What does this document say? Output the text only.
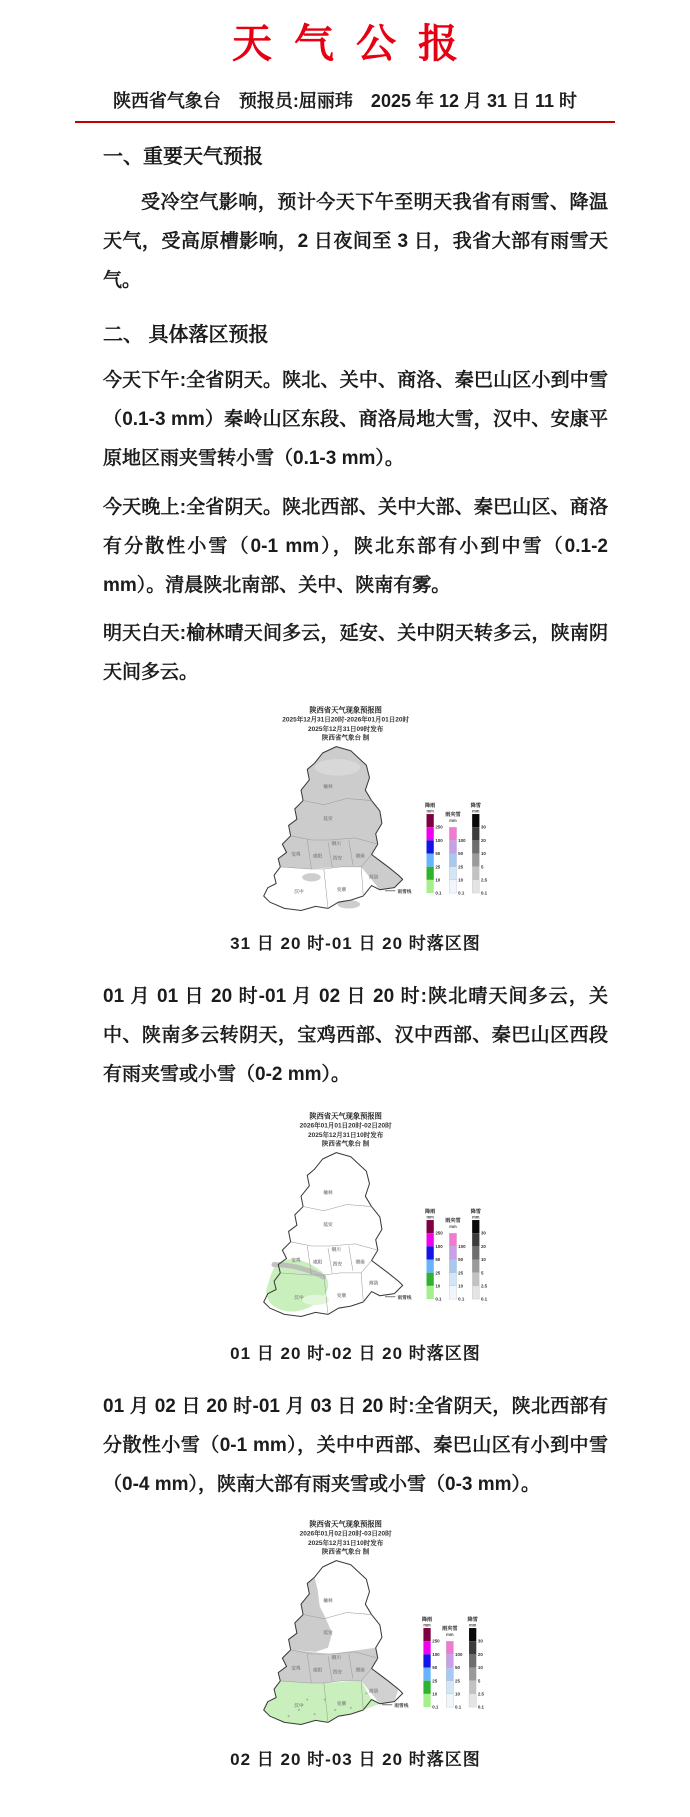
天气公报
陕西省气象台　预报员:屈丽玮　2025 年 12 月 31 日 11 时
一、重要天气预报
受冷空气影响，预计今天下午至明天我省有雨雪、降温天气，受高原槽影响，2 日夜间至 3 日，我省大部有雨雪天气。
二、 具体落区预报
今天下午:全省阴天。陕北、关中、商洛、秦巴山区小到中雪（0.1-3 mm）秦岭山区东段、商洛局地大雪，汉中、安康平原地区雨夹雪转小雪（0.1-3 mm）。
今天晚上:全省阴天。陕北西部、关中大部、秦巴山区、商洛有分散性小雪（0-1 mm），陕北东部有小到中雪（0.1-2 mm）。清晨陕北南部、关中、陕南有雾。
明天白天:榆林晴天间多云，延安、关中阴天转多云，陕南阴天间多云。
陕西省天气现象预报图
2025年12月31日20时-2026年01月01日20时
2025年12月31日09时发布
陕西省气象台 制
榆林
延安
铜川
咸阳 西安	渭南
宝鸡
商洛
安康
汉中
降雨
mm
250
100
50
25
10
0.1
雨夹雪
mm
100
50
25
10
0.1
降雪
mm
30
20
10
5
2.5
0.1
雨雪线
31 日 20 时-01 日 20 时落区图
01 月 01 日 20 时-01 月 02 日 20 时:陕北晴天间多云，关中、陕南多云转阴天，宝鸡西部、汉中西部、秦巴山区西段有雨夹雪或小雪（0-2 mm）。
陕西省天气现象预报图
2026年01月01日20时-02日20时
2025年12月31日10时发布
陕西省气象台 制
榆林
延安
铜川
咸阳 西安	渭南
宝鸡
商洛
安康
汉中
降雨
mm
250
100
50
25
10
0.1
雨夹雪
mm
100
50
25
10
0.1
降雪
mm
30
20
10
5
2.5
0.1
雨雪线
01 日 20 时-02 日 20 时落区图
01 月 02 日 20 时-01 月 03 日 20 时:全省阴天，陕北西部有分散性小雪（0-1 mm），关中中西部、秦巴山区有小到中雪（0-4 mm），陕南大部有雨夹雪或小雪（0-3 mm）。
陕西省天气现象预报图
2026年01月02日20时-03日20时
2025年12月31日10时发布
陕西省气象台 制
榆林
延安
铜川
咸阳 西安	渭南
宝鸡
商洛
安康
汉中
降雨
mm
250
100
50
25
10
0.1
雨夹雪
mm
100
50
25
10
0.1
降雪
mm
30
20
10
5
2.5
0.1
雨雪线
02 日 20 时-03 日 20 时落区图
